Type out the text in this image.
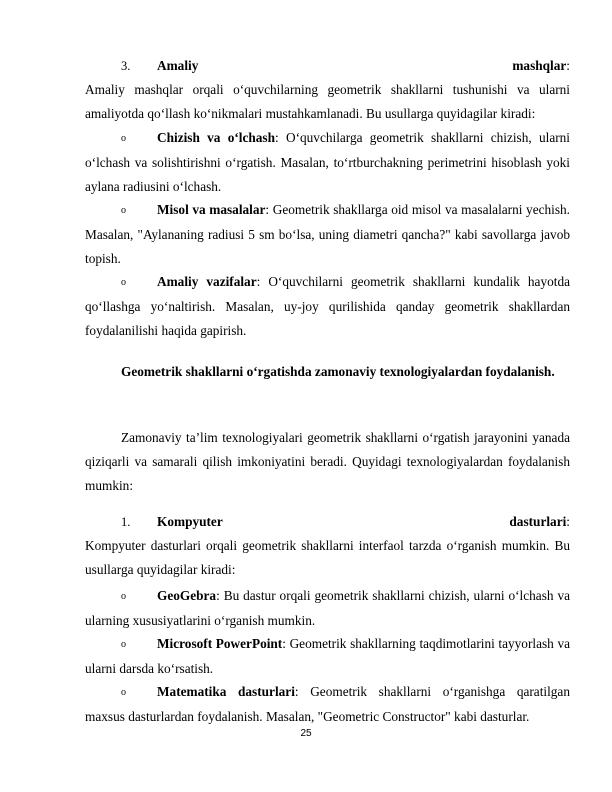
3. Amaliy	mashqlar:
Amaliy mashqlar orqali o‘quvchilarning geometrik shakllarni tushunishi va ularni amaliyotda qo‘llash ko‘nikmalari mustahkamlanadi. Bu usullarga quyidagilar kiradi:
o Chizish va o‘lchash: O‘quvchilarga geometrik shakllarni chizish, ularni o‘lchash va solishtirishni o‘rgatish. Masalan, to‘rtburchakning perimetrini hisoblash yoki aylana radiusini o‘lchash.
o Misol va masalalar: Geometrik shakllarga oid misol va masalalarni yechish. Masalan, "Aylananing radiusi 5 sm bo‘lsa, uning diametri qancha?" kabi savollarga javob topish.
o Amaliy vazifalar: O‘quvchilarni geometrik shakllarni kundalik hayotda qo‘llashga yo‘naltirish. Masalan, uy-joy qurilishida qanday geometrik shakllardan foydalanilishi haqida gapirish.
Geometrik shakllarni o‘rgatishda zamonaviy texnologiyalardan foydalanish.
Zamonaviy ta’lim texnologiyalari geometrik shakllarni o‘rgatish jarayonini yanada qiziqarli va samarali qilish imkoniyatini beradi. Quyidagi texnologiyalardan foydalanish mumkin:
1. Kompyuter	dasturlari:
Kompyuter dasturlari orqali geometrik shakllarni interfaol tarzda o‘rganish mumkin. Bu usullarga quyidagilar kiradi:
o GeoGebra: Bu dastur orqali geometrik shakllarni chizish, ularni o‘lchash va ularning xususiyatlarini o‘rganish mumkin.
o Microsoft PowerPoint: Geometrik shakllarning taqdimotlarini tayyorlash va ularni darsda ko‘rsatish.
o Matematika dasturlari: Geometrik shakllarni o‘rganishga qaratilgan maxsus dasturlardan foydalanish. Masalan, "Geometric Constructor" kabi dasturlar.
25
